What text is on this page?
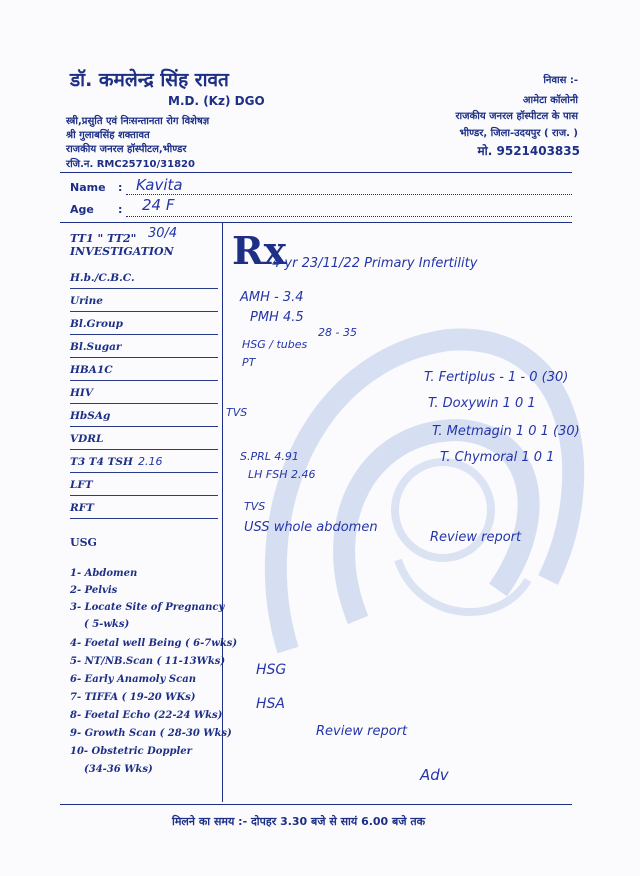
डॉ. कमलेन्द्र सिंह रावत
M.D. (Kz) DGO
स्त्री,प्रसुति एवं निःसन्तानता रोग विशेषज्ञ
श्री गुलाबसिंह शक्तावत
राजकीय जनरल हॉस्पीटल,भीण्डर
रजि.न. RMC25710/31820
निवास :-
आमेटा कॉलोनी
राजकीय जनरल हॉस्पीटल के पास
भीण्डर, जिला-उदयपुर ( राज. )
मो. 9521403835
Name : Kavita
Age : 24 F
TT1 " TT2"
INVESTIGATION
30/4
H.b./C.B.C.
Urine
Bl.Group
Bl.Sugar
HBA1C
HIV
HbSAg
VDRL
T3 T4 TSH
LFT
RFT
2.16
USG
1- Abdomen
2- Pelvis
3- Locate Site of Pregnancy
( 5-wks)
4- Foetal well Being ( 6-7wks)
5- NT/NB.Scan ( 11-13Wks)
6- Early Anamoly Scan
7- TIFFA ( 19-20 WKs)
8- Foetal Echo (22-24 Wks)
9- Growth Scan ( 28-30 Wks)
10- Obstetric Doppler
(34-36 Wks)
Rx
4 yr 23/11/22 Primary Infertility
AMH - 3.4
PMH 4.5
28 - 35
HSG / tubes
PT
T. Fertiplus - 1 - 0 (30)
T. Doxywin 1 0 1
T. Metmagin 1 0 1 (30)
T. Chymoral 1 0 1
TVS
S.PRL 4.91
LH FSH 2.46
TVS
USS whole abdomen
Review report
HSG
HSA
Review report
Adv
मिलने का समय :- दोपहर 3.30 बजे से सायं 6.00 बजे तक
